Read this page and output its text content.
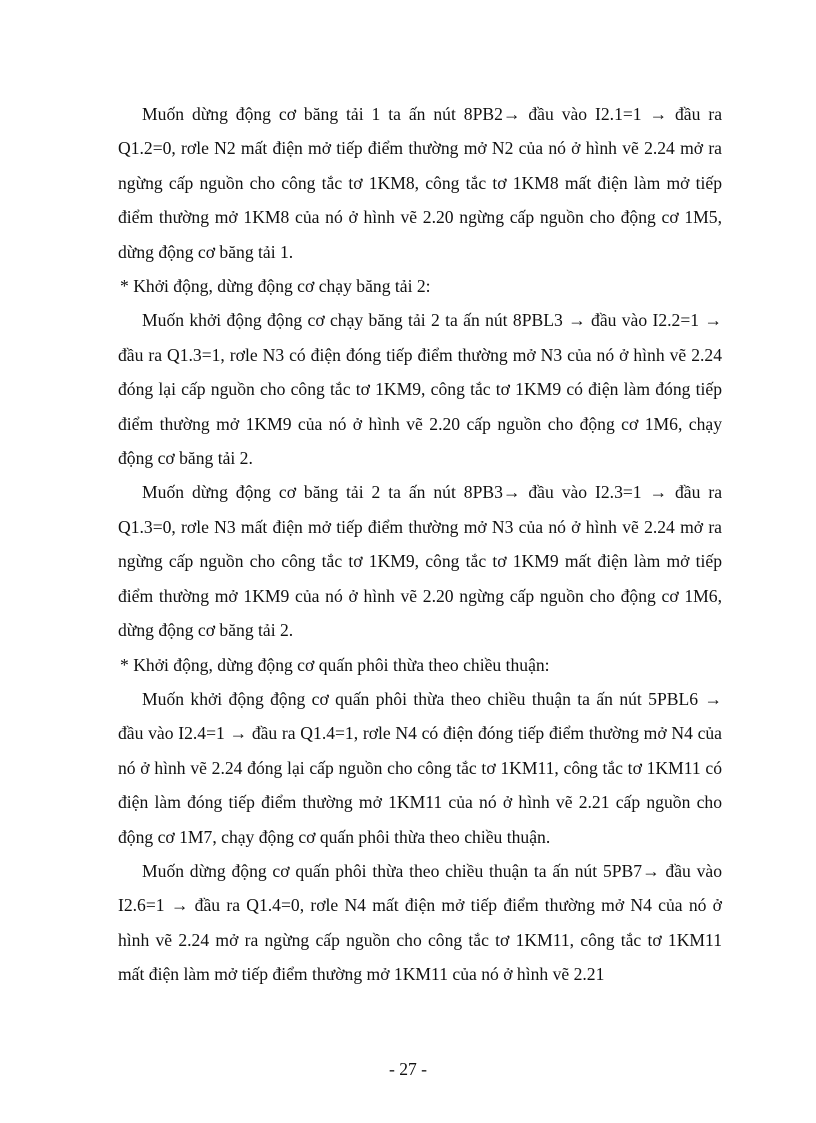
Muốn dừng động cơ băng tải 1 ta ấn nút 8PB2→ đầu vào I2.1=1 → đầu ra Q1.2=0, rơle N2 mất điện mở tiếp điểm thường mở N2 của nó ở hình vẽ 2.24 mở ra ngừng cấp nguồn cho công tắc tơ 1KM8, công tắc tơ 1KM8 mất điện làm mở tiếp điểm thường mở 1KM8 của nó ở hình vẽ 2.20 ngừng cấp nguồn cho động cơ 1M5, dừng động cơ băng tải 1.

* Khởi động, dừng động cơ chạy băng tải 2:

Muốn khởi động động cơ chạy băng tải 2 ta ấn nút 8PBL3 → đầu vào I2.2=1 → đầu ra Q1.3=1, rơle N3 có điện đóng tiếp điểm thường mở N3 của nó ở hình vẽ 2.24 đóng lại cấp nguồn cho công tắc tơ 1KM9, công tắc tơ 1KM9 có điện làm đóng tiếp điểm thường mở 1KM9 của nó ở hình vẽ 2.20 cấp nguồn cho động cơ 1M6, chạy động cơ băng tải 2.

Muốn dừng động cơ băng tải 2 ta ấn nút 8PB3→ đầu vào I2.3=1 → đầu ra Q1.3=0, rơle N3 mất điện mở tiếp điểm thường mở N3 của nó ở hình vẽ 2.24 mở ra ngừng cấp nguồn cho công tắc tơ 1KM9, công tắc tơ 1KM9 mất điện làm mở tiếp điểm thường mở 1KM9 của nó ở hình vẽ 2.20 ngừng cấp nguồn cho động cơ 1M6, dừng động cơ băng tải 2.

* Khởi động, dừng động cơ quấn phôi thừa theo chiều thuận:

Muốn khởi động động cơ quấn phôi thừa theo chiều thuận ta ấn nút 5PBL6 → đầu vào I2.4=1 → đầu ra Q1.4=1, rơle N4 có điện đóng tiếp điểm thường mở N4 của nó ở hình vẽ 2.24 đóng lại cấp nguồn cho công tắc tơ 1KM11, công tắc tơ 1KM11 có điện làm đóng tiếp điểm thường mở 1KM11 của nó ở hình vẽ 2.21 cấp nguồn cho động cơ 1M7, chạy động cơ quấn phôi thừa theo chiều thuận.

Muốn dừng động cơ quấn phôi thừa theo chiều thuận ta ấn nút 5PB7→ đầu vào I2.6=1 → đầu ra Q1.4=0, rơle N4 mất điện mở tiếp điểm thường mở N4 của nó ở hình vẽ 2.24 mở ra ngừng cấp nguồn cho công tắc tơ 1KM11, công tắc tơ 1KM11 mất điện làm mở tiếp điểm thường mở 1KM11 của nó ở hình vẽ 2.21

- 27 -
